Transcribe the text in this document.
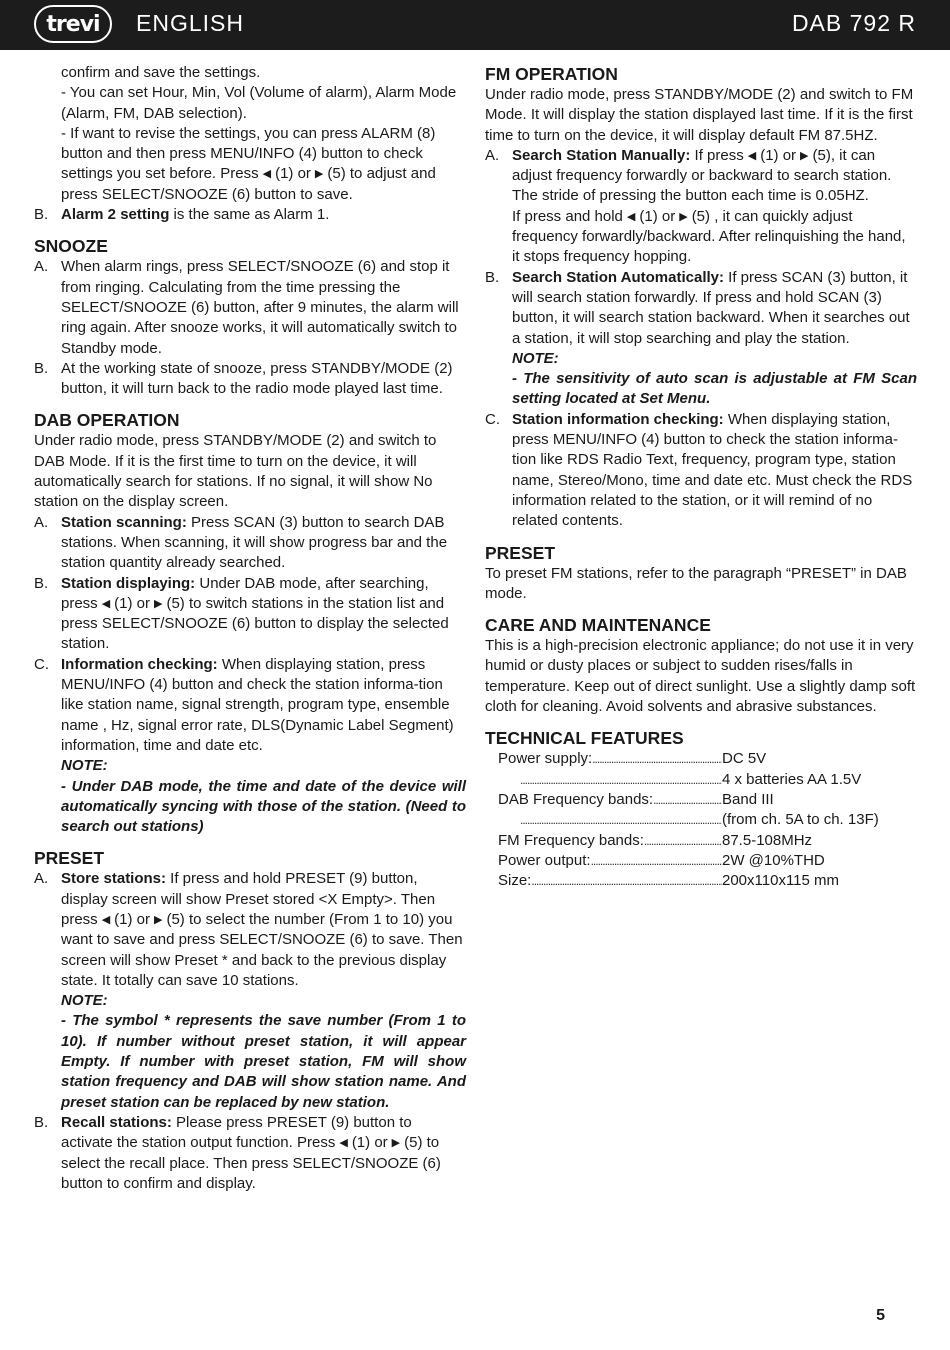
trevi	ENGLISH	DAB 792 R

confirm and save the settings.

- You can set Hour, Min, Vol (Volume of alarm), Alarm Mode (Alarm, FM, DAB selection).

- If want to revise the settings, you can press ALARM (8) button and then press MENU/INFO (4) button to check settings you set before. Press ◀ (1) or ▶ (5) to adjust and press SELECT/SNOOZE (6) button to save.

B. Alarm 2 setting is the same as Alarm 1.
SNOOZE
A. When alarm rings, press SELECT/SNOOZE (6) and stop it from ringing. Calculating from the time pressing the SELECT/SNOOZE (6) button, after 9 minutes, the alarm will ring again. After snooze works, it will automatically switch to Standby mode.
B. At the working state of snooze, press STANDBY/MODE (2) button, it will turn back to the radio mode played last time.
DAB OPERATION

Under radio mode, press STANDBY/MODE (2) and switch to DAB Mode. If it is the first time to turn on the device, it will automatically search for stations. If no signal, it will show No station on the display screen.

A. Station scanning: Press SCAN (3) button to search DAB stations. When scanning, it will show progress bar and the station quantity already searched.
B. Station displaying: Under DAB mode, after searching, press ◀ (1) or ▶ (5) to switch stations in the station list and press SELECT/SNOOZE (6) button to display the selected station.
C. Information checking: When displaying station, press MENU/INFO (4) button and check the station informa-tion like station name, signal strength, program type, ensemble name , Hz, signal error rate, DLS(Dynamic Label Segment) information, time and date etc.

NOTE:

- Under DAB mode, the time and date of the device will automatically syncing with those of the station. (Need to search out stations)

PRESET
A. Store stations: If press and hold PRESET (9) button, display screen will show Preset stored <X Empty>. Then press ◀ (1) or ▶ (5) to select the number (From 1 to 10) you want to save and press SELECT/SNOOZE (6) to save. Then screen will show Preset * and back to the previous display state. It totally can save 10 stations.

NOTE:

- The symbol * represents the save number (From 1 to 10). If number without preset station, it will appear Empty. If number with preset station, FM will show station frequency and DAB will show station name. And preset station can be replaced by new station.

B. Recall stations: Please press PRESET (9) button to activate the station output function. Press ◀ (1) or ▶ (5) to select the recall place. Then press SELECT/SNOOZE (6) button to confirm and display.
FM OPERATION

Under radio mode, press STANDBY/MODE (2) and switch to FM Mode. It will display the station displayed last time. If it is the first time to turn on the device, it will display default FM 87.5HZ.

A. Search Station Manually: If press ◀ (1) or ▶ (5), it can adjust frequency forwardly or backward to search station. The stride of pressing the button each time is 0.05HZ.

If press and hold ◀ (1) or ▶ (5) , it can quickly adjust frequency forwardly/backward. After relinquishing the hand, it stops frequency hopping.

B. Search Station Automatically: If press SCAN (3) button, it will search station forwardly. If press and hold SCAN (3) button, it will search station backward. When it searches out a station, it will stop searching and play the station.

NOTE:

- The sensitivity of auto scan is adjustable at FM Scan setting located at Set Menu.

C. Station information checking: When displaying station, press MENU/INFO (4) button to check the station informa-tion like RDS Radio Text, frequency, program type, station name, Stereo/Mono, time and date etc. Must check the RDS information related to the station, or it will remind of no related contents.
PRESET

To preset FM stations, refer to the paragraph “PRESET” in DAB mode.

CARE AND MAINTENANCE

This is a high-precision electronic appliance; do not use it in very humid or dusty places or subject to sudden rises/falls in temperature. Keep out of direct sunlight. Use a slightly damp soft cloth for cleaning. Avoid solvents and abrasive substances.

TECHNICAL FEATURES
Power supply: .....	DC 5V
.....
4 x batteries AA 1.5V
DAB Frequency bands: .....	Band III
.....
(from ch. 5A to ch. 13F)
FM Frequency bands: .....	87.5-108MHz
Power output: .....	2W @10%THD
Size: .....	200x110x115 mm
5
